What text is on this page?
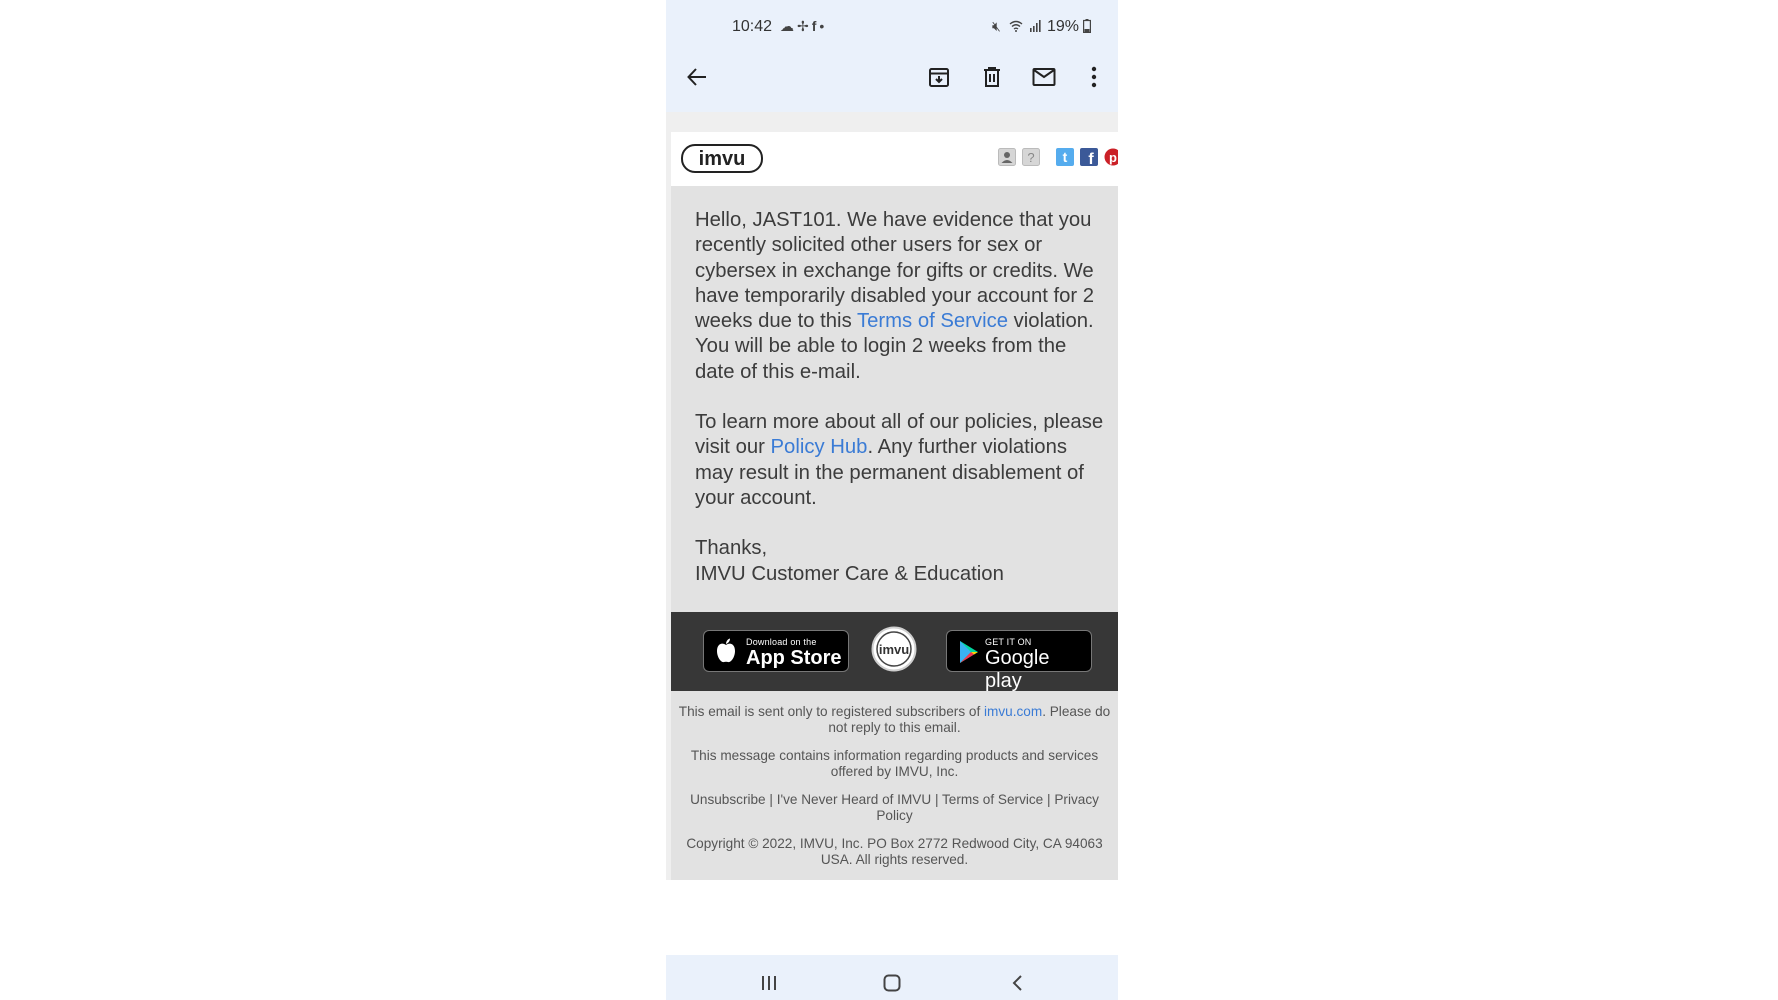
10:42 ☁✢f•	🔇︎	19%
imvu	? t f p

Hello, JAST101. We have evidence that you recently solicited other users for sex or cybersex in exchange for gifts or credits. We have temporarily disabled your account for 2 weeks due to this Terms of Service violation. You will be able to login 2 weeks from the date of this e-mail.

To learn more about all of our policies, please visit our Policy Hub. Any further violations may result in the permanent disablement of your account.

Thanks,
IMVU Customer Care & Education

Download on the
App Store	imvu	GET IT ON
Google play

This email is sent only to registered subscribers of imvu.com. Please do not reply to this email.

This message contains information regarding products and services offered by IMVU, Inc.

Unsubscribe | I've Never Heard of IMVU | Terms of Service | Privacy Policy

Copyright © 2022, IMVU, Inc. PO Box 2772 Redwood City, CA 94063 USA. All rights reserved.
